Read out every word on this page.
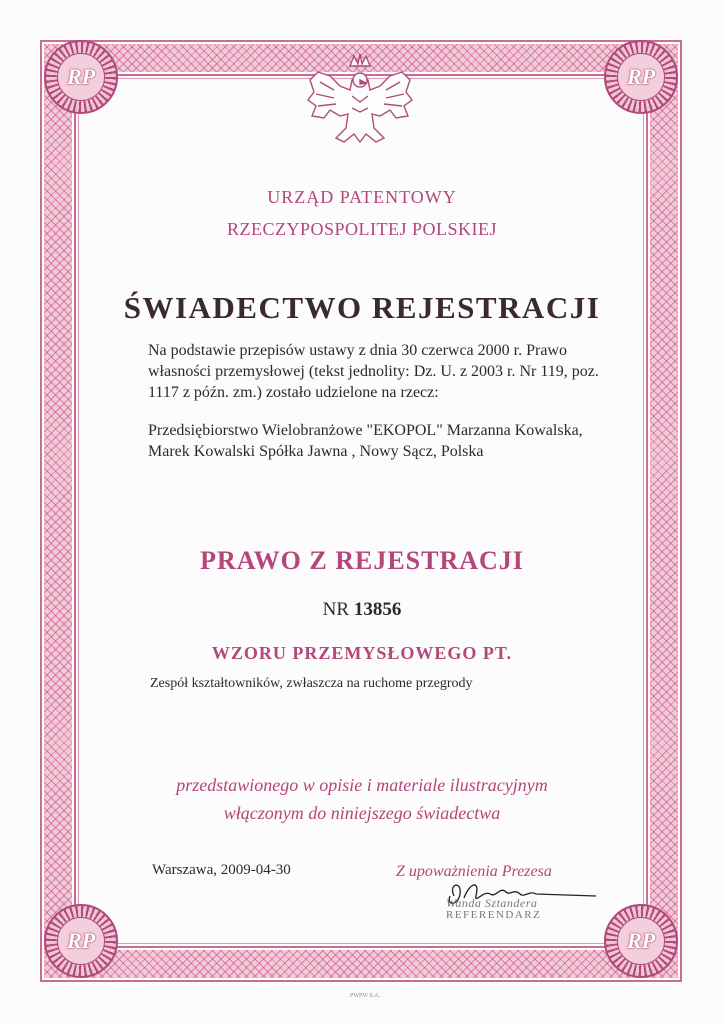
RP	RP
RP	RP
URZĄD PATENTOWY
RZECZYPOSPOLITEJ POLSKIEJ
ŚWIADECTWO REJESTRACJI
Na podstawie przepisów ustawy z dnia 30 czerwca 2000 r. Prawo własności przemysłowej (tekst jednolity: Dz. U. z 2003 r. Nr 119, poz. 1117 z późn. zm.) zostało udzielone na rzecz:
Przedsiębiorstwo Wielobranżowe "EKOPOL" Marzanna Kowalska, Marek Kowalski Spółka Jawna , Nowy Sącz, Polska
PRAWO Z REJESTRACJI
NR 13856
WZORU PRZEMYSŁOWEGO PT.
Zespół kształtowników, zwłaszcza na ruchome przegrody
przedstawionego w opisie i materiale ilustracyjnym
włączonym do niniejszego świadectwa
Warszawa, 2009-04-30	Z upoważnienia Prezesa
Wanda Sztandera
REFERENDARZ
PWPW S.A.
